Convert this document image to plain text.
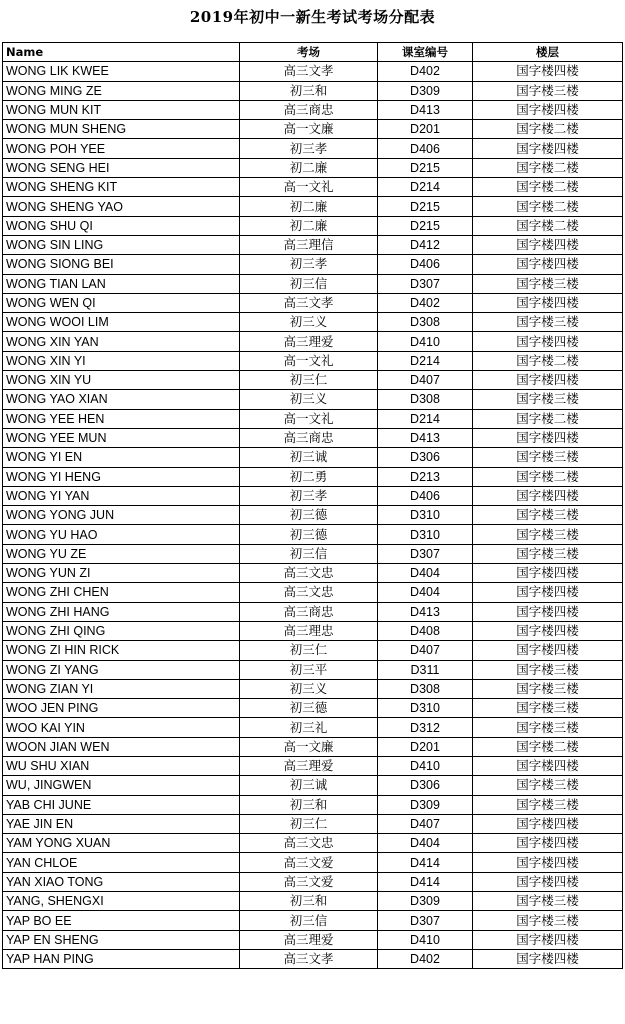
2019年初中一新生考试考场分配表
Name	考场	课室编号	楼层
WONG LIK KWEE	高三文孝	D402	国字楼四楼
WONG MING ZE	初三和	D309	国字楼三楼
WONG MUN KIT	高三商忠	D413	国字楼四楼
WONG MUN SHENG	高一文廉	D201	国字楼二楼
WONG POH YEE	初三孝	D406	国字楼四楼
WONG SENG HEI	初二廉	D215	国字楼二楼
WONG SHENG KIT	高一文礼	D214	国字楼二楼
WONG SHENG YAO	初二廉	D215	国字楼二楼
WONG SHU QI	初二廉	D215	国字楼二楼
WONG SIN LING	高三理信	D412	国字楼四楼
WONG SIONG BEI	初三孝	D406	国字楼四楼
WONG TIAN LAN	初三信	D307	国字楼三楼
WONG WEN QI	高三文孝	D402	国字楼四楼
WONG WOOI LIM	初三义	D308	国字楼三楼
WONG XIN YAN	高三理爱	D410	国字楼四楼
WONG XIN YI	高一文礼	D214	国字楼二楼
WONG XIN YU	初三仁	D407	国字楼四楼
WONG YAO XIAN	初三义	D308	国字楼三楼
WONG YEE HEN	高一文礼	D214	国字楼二楼
WONG YEE MUN	高三商忠	D413	国字楼四楼
WONG YI EN	初三诚	D306	国字楼三楼
WONG YI HENG	初二勇	D213	国字楼二楼
WONG YI YAN	初三孝	D406	国字楼四楼
WONG YONG JUN	初三德	D310	国字楼三楼
WONG YU HAO	初三德	D310	国字楼三楼
WONG YU ZE	初三信	D307	国字楼三楼
WONG YUN ZI	高三文忠	D404	国字楼四楼
WONG ZHI CHEN	高三文忠	D404	国字楼四楼
WONG ZHI HANG	高三商忠	D413	国字楼四楼
WONG ZHI QING	高三理忠	D408	国字楼四楼
WONG ZI HIN RICK	初三仁	D407	国字楼四楼
WONG ZI YANG	初三平	D311	国字楼三楼
WONG ZIAN YI	初三义	D308	国字楼三楼
WOO JEN PING	初三德	D310	国字楼三楼
WOO KAI YIN	初三礼	D312	国字楼三楼
WOON JIAN WEN	高一文廉	D201	国字楼二楼
WU SHU XIAN	高三理爱	D410	国字楼四楼
WU, JINGWEN	初三诚	D306	国字楼三楼
YAB CHI JUNE	初三和	D309	国字楼三楼
YAE JIN EN	初三仁	D407	国字楼四楼
YAM YONG XUAN	高三文忠	D404	国字楼四楼
YAN CHLOE	高三文爱	D414	国字楼四楼
YAN XIAO TONG	高三文爱	D414	国字楼四楼
YANG, SHENGXI	初三和	D309	国字楼三楼
YAP BO EE	初三信	D307	国字楼三楼
YAP EN SHENG	高三理爱	D410	国字楼四楼
YAP HAN PING	高三文孝	D402	国字楼四楼
